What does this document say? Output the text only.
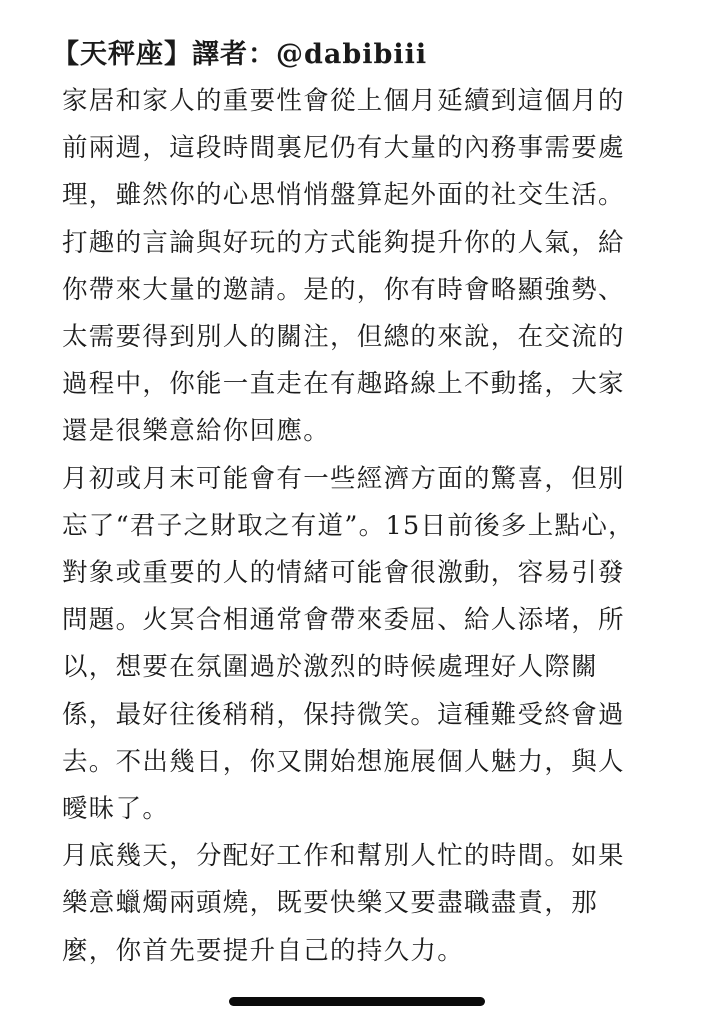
【天秤座】譯者：@dabibiii

家居和家人的重要性會從上個月延續到這個月的

前兩週，這段時間裏尼仍有大量的內務事需要處

理，雖然你的心思悄悄盤算起外面的社交生活。

打趣的言論與好玩的方式能夠提升你的人氣，給

你帶來大量的邀請。是的，你有時會略顯強勢、

太需要得到別人的關注，但總的來說，在交流的

過程中，你能一直走在有趣路線上不動搖，大家

還是很樂意給你回應。

月初或月末可能會有一些經濟方面的驚喜，但別

忘了“君子之財取之有道”。15日前後多上點心，

對象或重要的人的情緒可能會很激動，容易引發

問題。火冥合相通常會帶來委屈、給人添堵，所

以，想要在氛圍過於激烈的時候處理好人際關

係，最好往後稍稍，保持微笑。這種難受終會過

去。不出幾日，你又開始想施展個人魅力，與人

曖昧了。

月底幾天，分配好工作和幫別人忙的時間。如果

樂意蠟燭兩頭燒，既要快樂又要盡職盡責，那

麼，你首先要提升自己的持久力。
